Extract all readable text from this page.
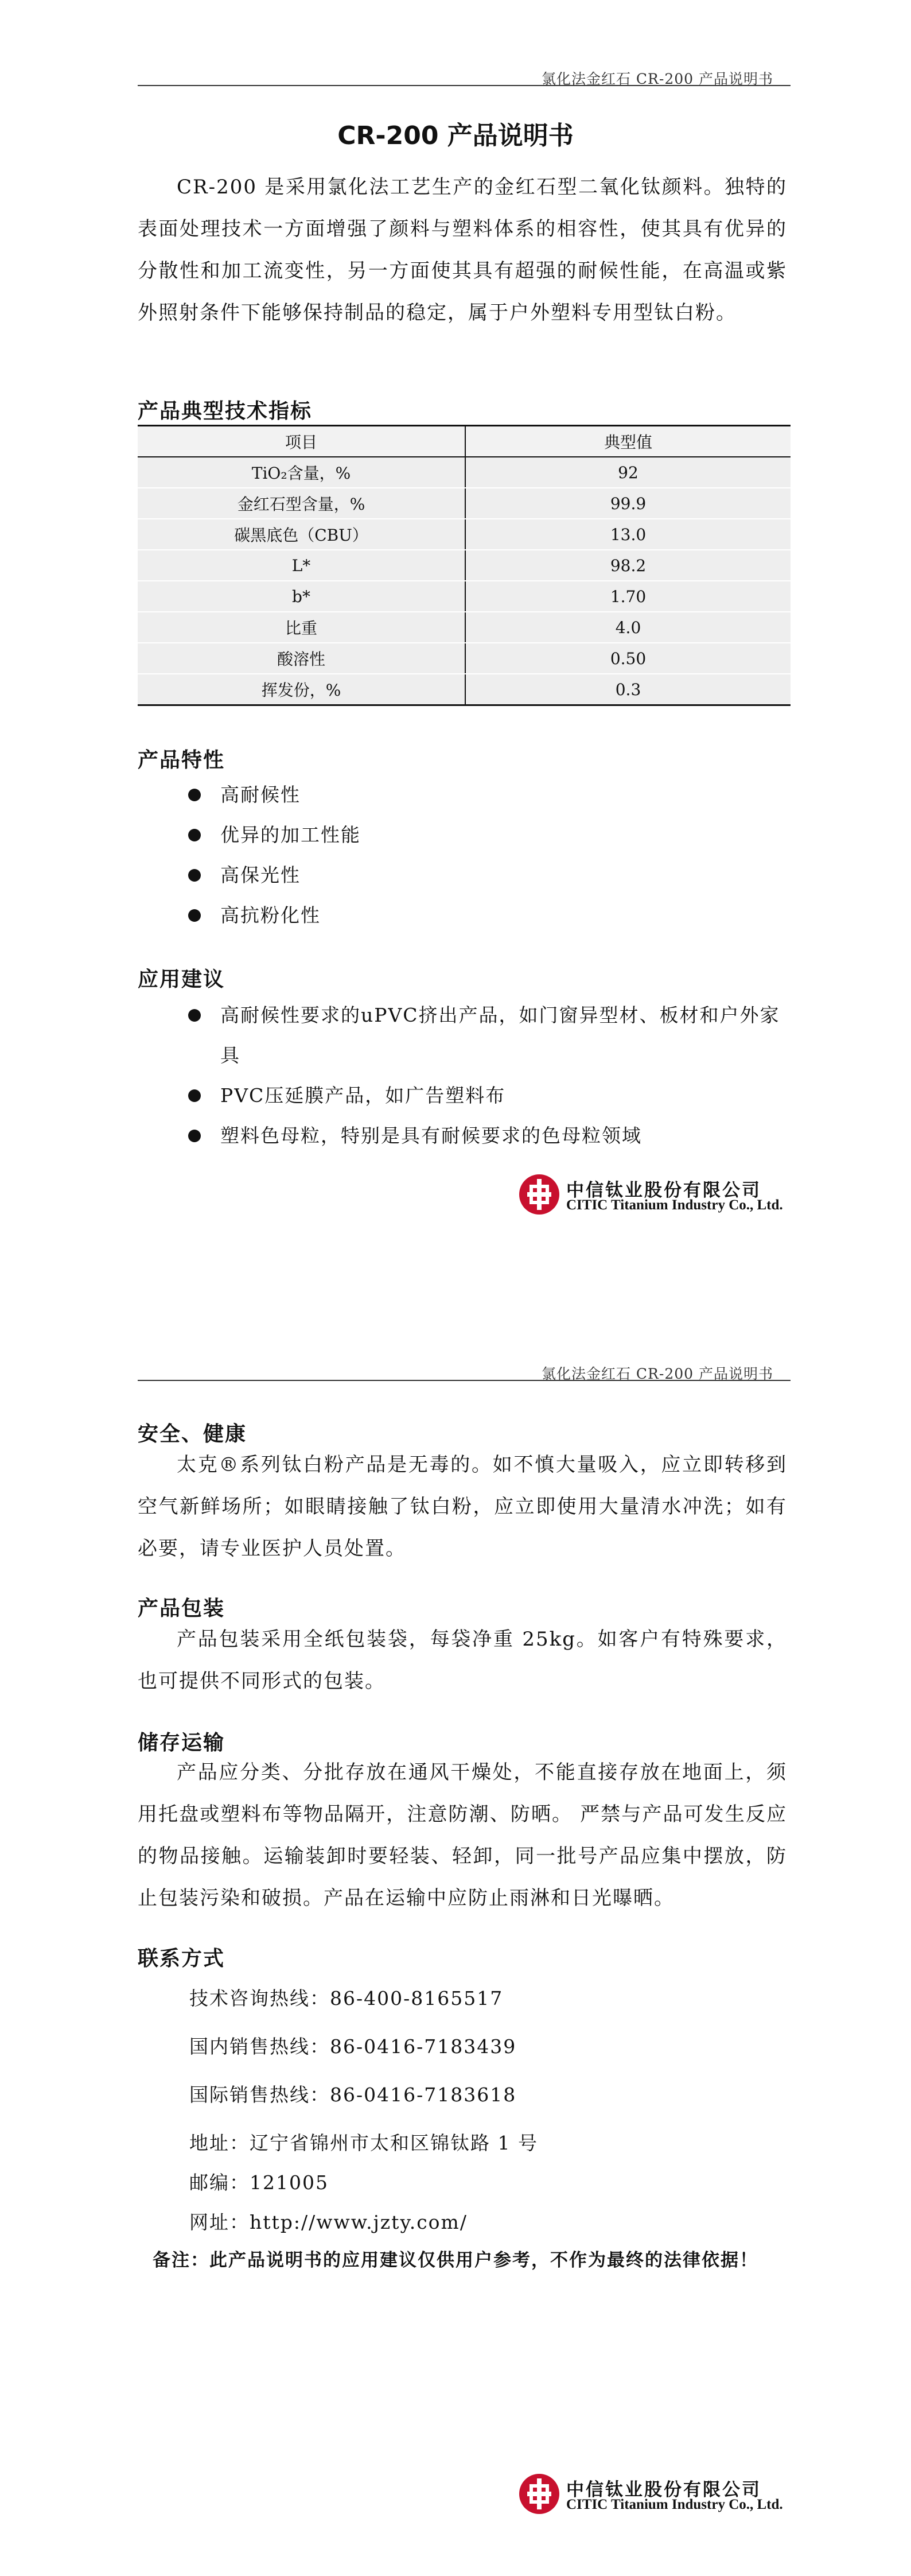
氯化法金红石 CR-200 产品说明书
CR-200 产品说明书
CR-200 是采用氯化法工艺生产的金红石型二氧化钛颜料。独特的表面处理技术一方面增强了颜料与塑料体系的相容性，使其具有优异的分散性和加工流变性，另一方面使其具有超强的耐候性能，在高温或紫外照射条件下能够保持制品的稳定，属于户外塑料专用型钛白粉。
产品典型技术指标
项目	典型值
TiO₂含量，%	92
金红石型含量，%	99.9
碳黑底色（CBU）	13.0
L*	98.2
b*	1.70
比重	4.0
酸溶性	0.50
挥发份，%	0.3
产品特性
高耐候性
优异的加工性能
高保光性
高抗粉化性
应用建议
高耐候性要求的uPVC挤出产品，如门窗异型材、板材和户外家具
PVC压延膜产品，如广告塑料布
塑料色母粒，特别是具有耐候要求的色母粒领域
中信钛业股份有限公司
CITIC Titanium Industry Co., Ltd.
氯化法金红石 CR-200 产品说明书
安全、健康
太克®系列钛白粉产品是无毒的。如不慎大量吸入，应立即转移到空气新鲜场所；如眼睛接触了钛白粉，应立即使用大量清水冲洗；如有必要，请专业医护人员处置。
产品包装
产品包装采用全纸包装袋，每袋净重 25kg。如客户有特殊要求，也可提供不同形式的包装。
储存运输
产品应分类、分批存放在通风干燥处，不能直接存放在地面上，须用托盘或塑料布等物品隔开，注意防潮、防晒。 严禁与产品可发生反应的物品接触。运输装卸时要轻装、轻卸，同一批号产品应集中摆放，防止包装污染和破损。产品在运输中应防止雨淋和日光曝晒。
联系方式
技术咨询热线：86-400-8165517
国内销售热线：86-0416-7183439
国际销售热线：86-0416-7183618
地址：辽宁省锦州市太和区锦钛路 1 号
邮编：121005
网址：http://www.jzty.com/
备注：此产品说明书的应用建议仅供用户参考，不作为最终的法律依据！
中信钛业股份有限公司
CITIC Titanium Industry Co., Ltd.
